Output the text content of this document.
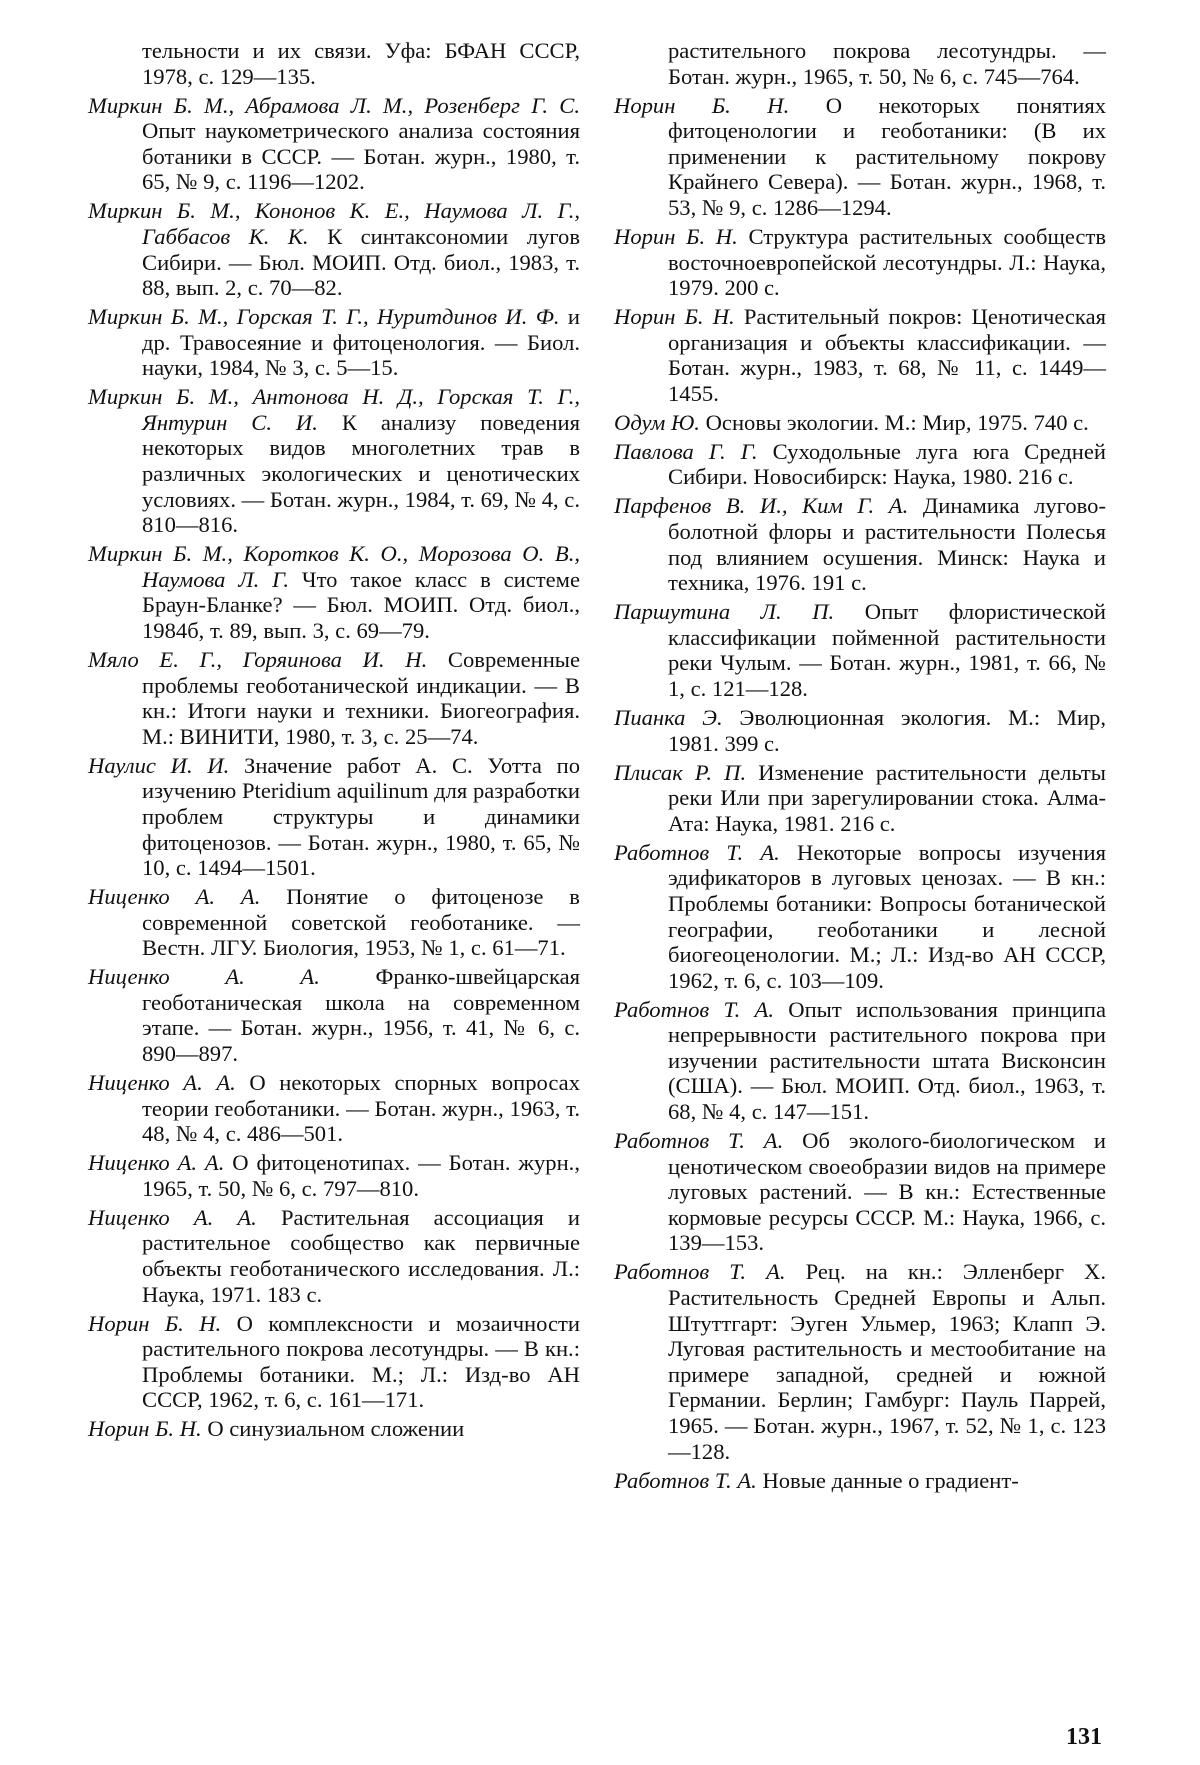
тельности и их связи. Уфа: БФАН СССР, 1978, с. 129—135.

Миркин Б. М., Абрамова Л. М., Розенберг Г. С. Опыт наукометрического анализа состояния ботаники в СССР. — Ботан. журн., 1980, т. 65, № 9, с. 1196—1202.

Миркин Б. М., Кононов К. Е., Наумова Л. Г., Габбасов К. К. К синтаксономии лугов Сибири. — Бюл. МОИП. Отд. биол., 1983, т. 88, вып. 2, с. 70—82.

Миркин Б. М., Горская Т. Г., Нуритдинов И. Ф. и др. Травосеяние и фитоценология. — Биол. науки, 1984, № 3, с. 5—15.

Миркин Б. М., Антонова Н. Д., Горская Т. Г., Янтурин С. И. К анализу поведения некоторых видов многолетних трав в различных экологических и ценотических условиях. — Ботан. журн., 1984, т. 69, № 4, с. 810—816.

Миркин Б. М., Коротков К. О., Морозова О. В., Наумова Л. Г. Что такое класс в системе Браун-Бланке? — Бюл. МОИП. Отд. биол., 1984б, т. 89, вып. 3, с. 69—79.

Мяло Е. Г., Горяинова И. Н. Современные проблемы геоботанической индикации. — В кн.: Итоги науки и техники. Биогеография. М.: ВИНИТИ, 1980, т. 3, с. 25—74.

Наулис И. И. Значение работ А. С. Уотта по изучению Pteridium aquilinum для разработки проблем структуры и динамики фитоценозов. — Ботан. журн., 1980, т. 65, № 10, с. 1494—1501.

Ниценко А. А. Понятие о фитоценозе в современной советской геоботанике. — Вестн. ЛГУ. Биология, 1953, № 1, с. 61—71.

Ниценко А. А. Франко-швейцарская геоботаническая школа на современном этапе. — Ботан. журн., 1956, т. 41, № 6, с. 890—897.

Ниценко А. А. О некоторых спорных вопросах теории геоботаники. — Ботан. журн., 1963, т. 48, № 4, с. 486—501.

Ниценко А. А. О фитоценотипах. — Ботан. журн., 1965, т. 50, № 6, с. 797—810.

Ниценко А. А. Растительная ассоциация и растительное сообщество как первичные объекты геоботанического исследования. Л.: Наука, 1971. 183 с.

Норин Б. Н. О комплексности и мозаичности растительного покрова лесотундры. — В кн.: Проблемы ботаники. М.; Л.: Изд-во АН СССР, 1962, т. 6, с. 161—171.

Норин Б. Н. О синузиальном сложении

растительного покрова лесотундры. — Ботан. журн., 1965, т. 50, № 6, с. 745—764.

Норин Б. Н. О некоторых понятиях фитоценологии и геоботаники: (В их применении к растительному покрову Крайнего Севера). — Ботан. журн., 1968, т. 53, № 9, с. 1286—1294.

Норин Б. Н. Структура растительных сообществ восточноевропейской лесотундры. Л.: Наука, 1979. 200 с.

Норин Б. Н. Растительный покров: Ценотическая организация и объекты классификации. — Ботан. журн., 1983, т. 68, № 11, с. 1449—1455.

Одум Ю. Основы экологии. М.: Мир, 1975. 740 с.

Павлова Г. Г. Суходольные луга юга Средней Сибири. Новосибирск: Наука, 1980. 216 с.

Парфенов В. И., Ким Г. А. Динамика лугово-болотной флоры и растительности Полесья под влиянием осушения. Минск: Наука и техника, 1976. 191 с.

Паршутина Л. П. Опыт флористической классификации пойменной растительности реки Чулым. — Ботан. журн., 1981, т. 66, № 1, с. 121—128.

Пианка Э. Эволюционная экология. М.: Мир, 1981. 399 с.

Плисак Р. П. Изменение растительности дельты реки Или при зарегулировании стока. Алма-Ата: Наука, 1981. 216 с.

Работнов Т. А. Некоторые вопросы изучения эдификаторов в луговых ценозах. — В кн.: Проблемы ботаники: Вопросы ботанической географии, геоботаники и лесной биогеоценологии. М.; Л.: Изд-во АН СССР, 1962, т. 6, с. 103—109.

Работнов Т. А. Опыт использования принципа непрерывности растительного покрова при изучении растительности штата Висконсин (США). — Бюл. МОИП. Отд. биол., 1963, т. 68, № 4, с. 147—151.

Работнов Т. А. Об эколого-биологическом и ценотическом своеобразии видов на примере луговых растений. — В кн.: Естественные кормовые ресурсы СССР. М.: Наука, 1966, с. 139—153.

Работнов Т. А. Рец. на кн.: Элленберг Х. Растительность Средней Европы и Альп. Штуттгарт: Эуген Ульмер, 1963; Клапп Э. Луговая растительность и местообитание на примере западной, средней и южной Германии. Берлин; Гамбург: Пауль Паррей, 1965. — Ботан. журн., 1967, т. 52, № 1, с. 123—128.

Работнов Т. А. Новые данные о градиент-

131
